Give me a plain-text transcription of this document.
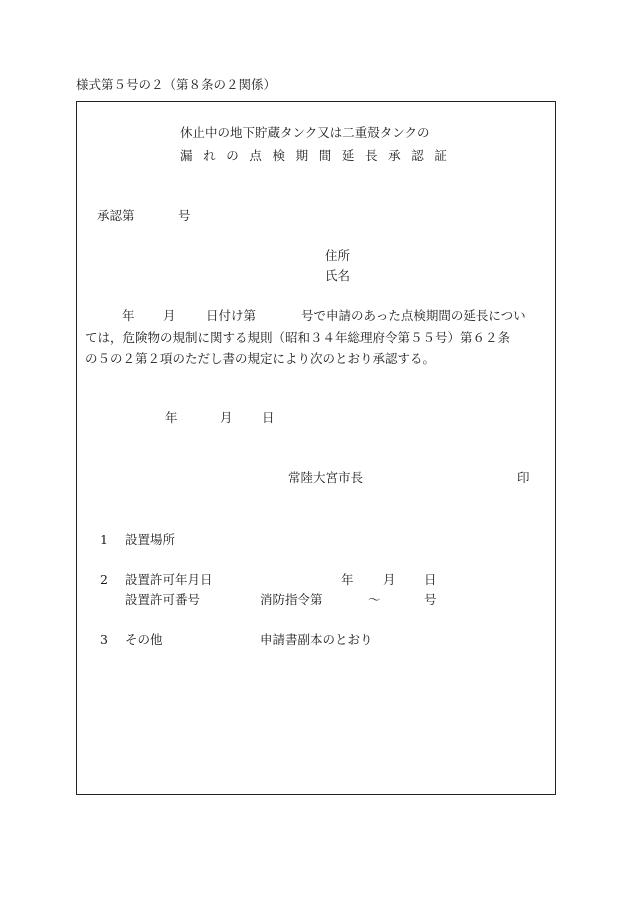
様式第５号の２（第８条の２関係）
休止中の地下貯蔵タンク又は二重殻タンクの
漏れの点検期間延長承認証
承認第	号
住所
氏名
年 月 日付け第	号で申請のあった点検期間の延長につい
ては，危険物の規制に関する規則（昭和３４年総理府令第５５号）第６２条
の５の２第２項のただし書の規定により次のとおり承認する。
年	月 日
常陸大宮市長	印
1 設置場所
2 設置許可年月日	年 月 日
設置許可番号	消防指令第	～	号
3 その他	申請書副本のとおり
